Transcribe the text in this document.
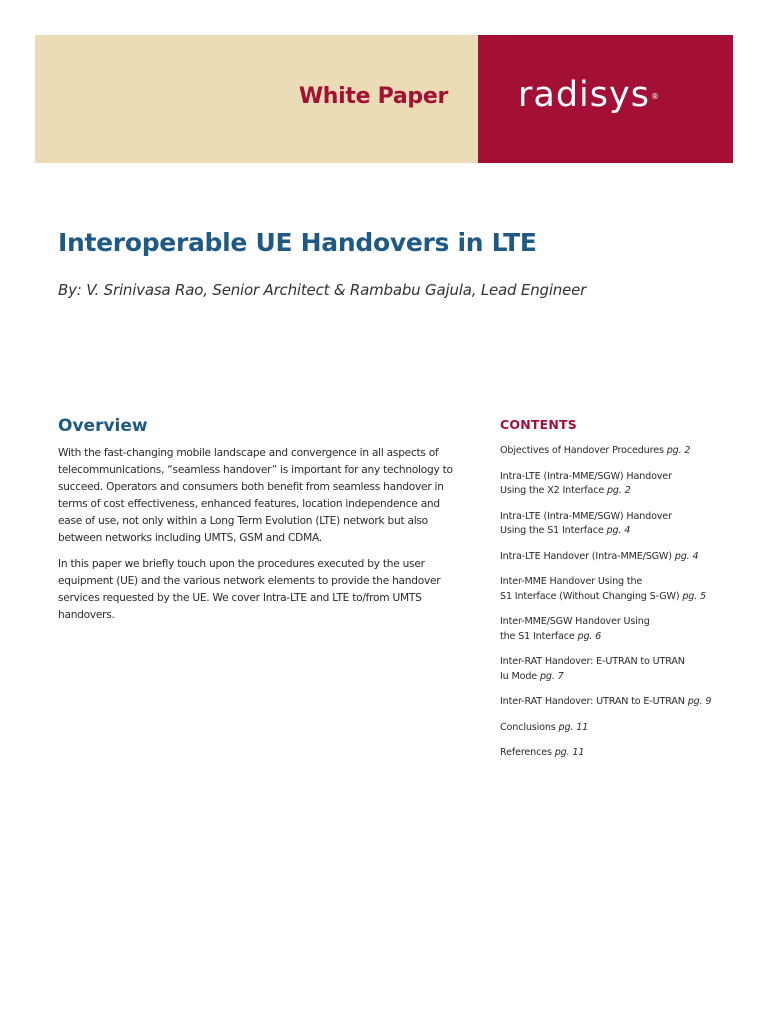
White Paper radisys®
Interoperable UE Handovers in LTE
By: V. Srinivasa Rao, Senior Architect & Rambabu Gajula, Lead Engineer
Overview

With the fast-changing mobile landscape and convergence in all aspects of telecommunications, “seamless handover” is important for any technology to succeed. Operators and consumers both benefit from seamless handover in terms of cost effectiveness, enhanced features, location independence and ease of use, not only within a Long Term Evolution (LTE) network but also between networks including UMTS, GSM and CDMA.

In this paper we briefly touch upon the procedures executed by the user equipment (UE) and the various network elements to provide the handover services requested by the UE. We cover Intra-LTE and LTE to/from UMTS handovers.

CONTENTS
Objectives of Handover Procedures pg. 2
Intra-LTE (Intra-MME/SGW) Handover
Using the X2 Interface pg. 2
Intra-LTE (Intra-MME/SGW) Handover
Using the S1 Interface pg. 4
Intra-LTE Handover (Intra-MME/SGW) pg. 4
Inter-MME Handover Using the
S1 Interface (Without Changing S-GW) pg. 5
Inter-MME/SGW Handover Using
the S1 Interface pg. 6
Inter-RAT Handover: E-UTRAN to UTRAN
Iu Mode pg. 7
Inter-RAT Handover: UTRAN to E-UTRAN pg. 9
Conclusions pg. 11
References pg. 11
